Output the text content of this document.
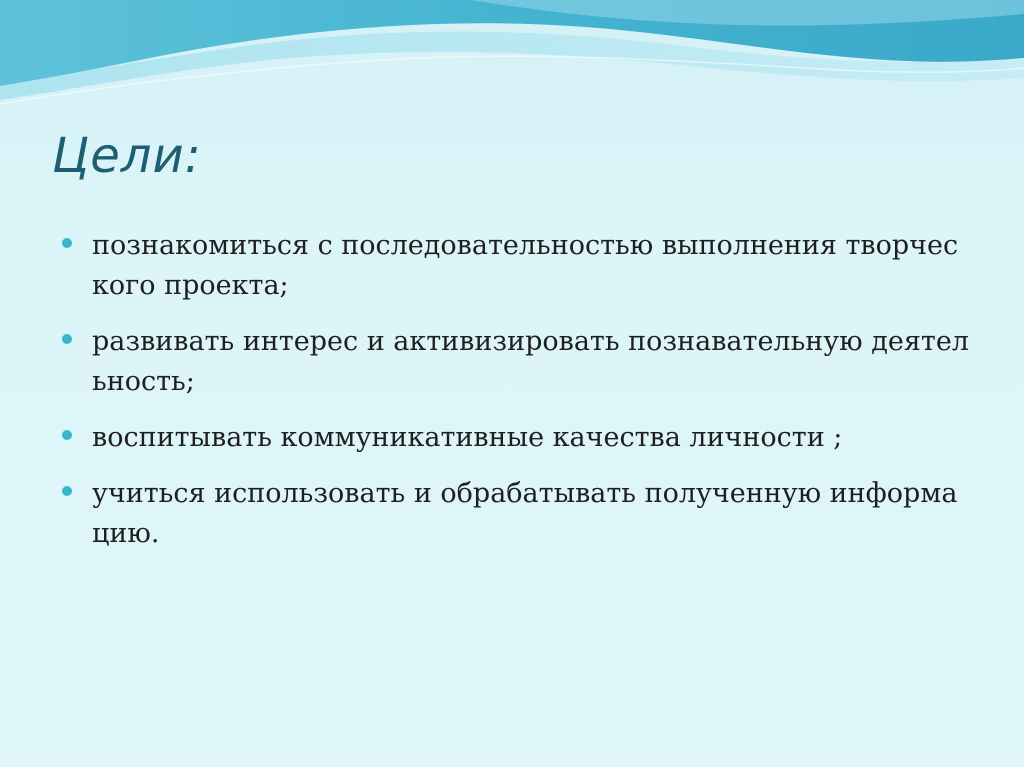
Цели:
познакомиться с последовательностью выполнения творческого проекта;
развивать интерес и активизировать познавательную деятельность;
воспитывать коммуникативные качества личности ;
учиться использовать и обрабатывать полученную информацию.
